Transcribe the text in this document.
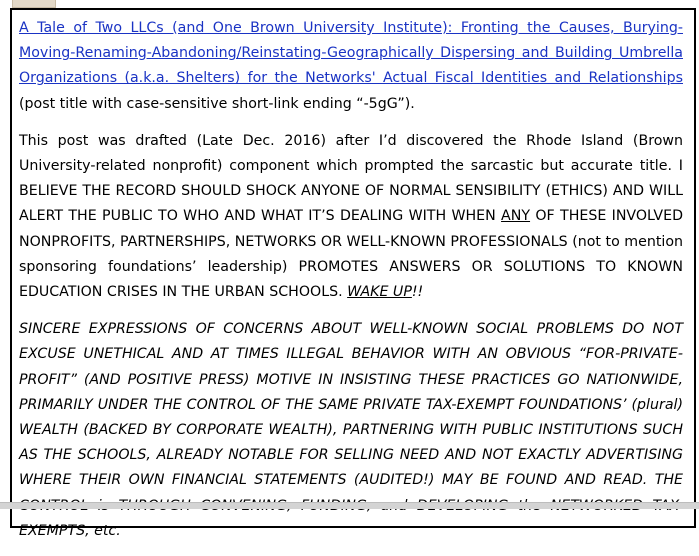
A Tale of Two LLCs (and One Brown University Institute): Fronting the Causes, Burying-Moving-Renaming-Abandoning/Reinstating-Geographically Dispersing and Building Umbrella Organizations (a.k.a. Shelters) for the Networks' Actual Fiscal Identities and Relationships (post title with case-sensitive short-link ending “-5gG”).

This post was drafted (Late Dec. 2016) after I’d discovered the Rhode Island (Brown University-related nonprofit) component which prompted the sarcastic but accurate title. I BELIEVE THE RECORD SHOULD SHOCK ANYONE OF NORMAL SENSIBILITY (ETHICS) AND WILL ALERT THE PUBLIC TO WHO AND WHAT IT’S DEALING WITH WHEN ANY OF THESE INVOLVED NONPROFITS, PARTNERSHIPS, NETWORKS OR WELL-KNOWN PROFESSIONALS (not to mention sponsoring foundations’ leadership) PROMOTES ANSWERS OR SOLUTIONS TO KNOWN EDUCATION CRISES IN THE URBAN SCHOOLS. WAKE UP!!

SINCERE EXPRESSIONS OF CONCERNS ABOUT WELL-KNOWN SOCIAL PROBLEMS DO NOT EXCUSE UNETHICAL AND AT TIMES ILLEGAL BEHAVIOR WITH AN OBVIOUS “FOR-PRIVATE-PROFIT” (AND POSITIVE PRESS) MOTIVE IN INSISTING THESE PRACTICES GO NATIONWIDE, PRIMARILY UNDER THE CONTROL OF THE SAME PRIVATE TAX-EXEMPT FOUNDATIONS’ (plural) WEALTH (BACKED BY CORPORATE WEALTH), PARTNERING WITH PUBLIC INSTITUTIONS SUCH AS THE SCHOOLS, ALREADY NOTABLE FOR SELLING NEED AND NOT EXACTLY ADVERTISING WHERE THEIR OWN FINANCIAL STATEMENTS (AUDITED!) MAY BE FOUND AND READ. THE EXEMPTS, etc.
